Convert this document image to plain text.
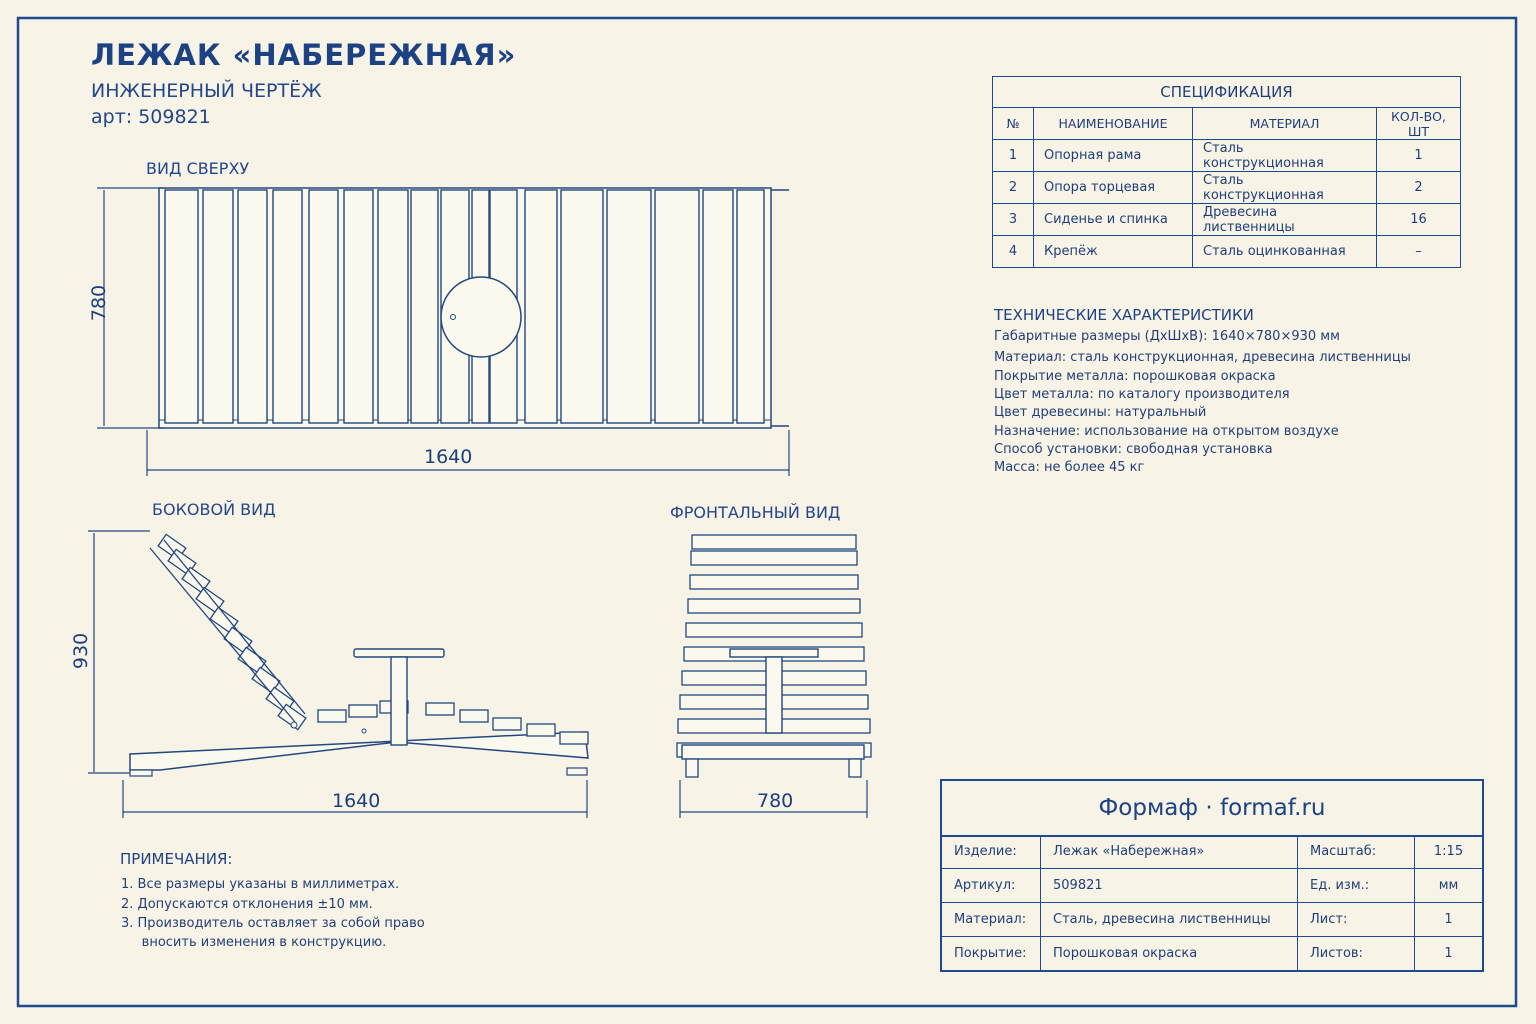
ЛЕЖАК «НАБЕРЕЖНАЯ»
ИНЖЕНЕРНЫЙ ЧЕРТЁЖ
арт: 509821
ВИД СВЕРХУ
БОКОВОЙ ВИД	ФРОНТАЛЬНЫЙ ВИД
780
1640
930
1640	780
СПЕЦИФИКАЦИЯ			
№	НАИМЕНОВАНИЕ	МАТЕРИАЛ	КОЛ-ВО, ШТ
1	Опорная рама	Сталь конструкционная	1
2	Опора торцевая	Сталь конструкционная	2
3	Сиденье и спинка	Древесина лиственницы	16
4	Крепёж	Сталь оцинкованная	–
ТЕХНИЧЕСКИЕ ХАРАКТЕРИСТИКИ
Габаритные размеры (ДхШхВ): 1640×780×930 мм
Материал: сталь конструкционная, древесина лиственницы
Покрытие металла: порошковая окраска
Цвет металла: по каталогу производителя
Цвет древесины: натуральный
Назначение: использование на открытом воздухе
Способ установки: свободная установка
Масса: не более 45 кг
ПРИМЕЧАНИЯ:
1. Все размеры указаны в миллиметрах.
2. Допускаются отклонения ±10 мм.
3. Производитель оставляет за собой право
вносить изменения в конструкцию.
Формаф · formaf.ru
Изделие:	Лежак «Набережная»	Масштаб:	1:15
Артикул:	509821	Ед. изм.:	мм
Материал:	Сталь, древесина лиственницы	Лист:	1
Покрытие:	Порошковая окраска	Листов:	1
